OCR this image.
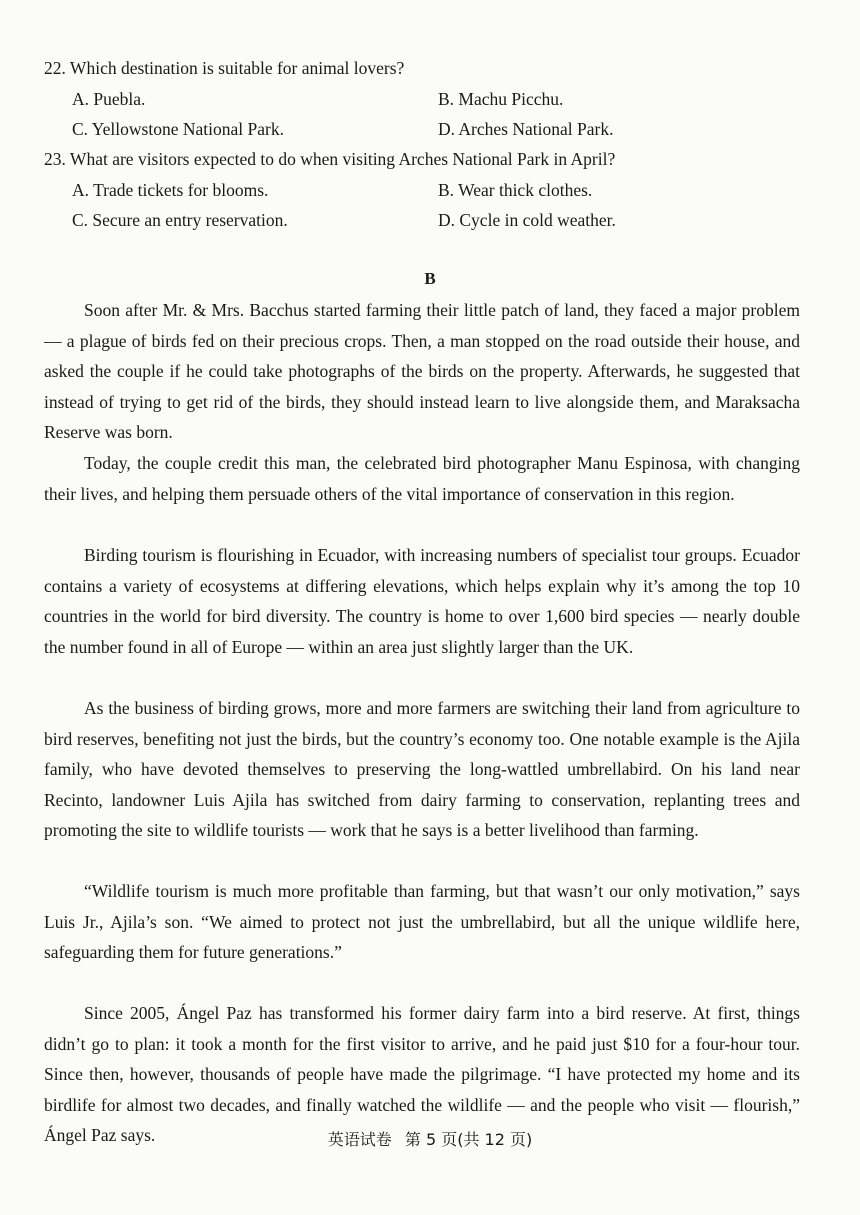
22. Which destination is suitable for animal lovers?
A. Puebla.	B. Machu Picchu.
C. Yellowstone National Park.	D. Arches National Park.
23. What are visitors expected to do when visiting Arches National Park in April?
A. Trade tickets for blooms.	B. Wear thick clothes.
C. Secure an entry reservation.	D. Cycle in cold weather.
B

Soon after Mr. & Mrs. Bacchus started farming their little patch of land, they faced a major problem — a plague of birds fed on their precious crops. Then, a man stopped on the road outside their house, and asked the couple if he could take photographs of the birds on the property. Afterwards, he suggested that instead of trying to get rid of the birds, they should instead learn to live alongside them, and Maraksacha Reserve was born.

Today, the couple credit this man, the celebrated bird photographer Manu Espinosa, with changing their lives, and helping them persuade others of the vital importance of conservation in this region.

Birding tourism is flourishing in Ecuador, with increasing numbers of specialist tour groups. Ecuador contains a variety of ecosystems at differing elevations, which helps explain why it’s among the top 10 countries in the world for bird diversity. The country is home to over 1,600 bird species — nearly double the number found in all of Europe — within an area just slightly larger than the UK.

As the business of birding grows, more and more farmers are switching their land from agriculture to bird reserves, benefiting not just the birds, but the country’s economy too. One notable example is the Ajila family, who have devoted themselves to preserving the long-wattled umbrellabird. On his land near Recinto, landowner Luis Ajila has switched from dairy farming to conservation, replanting trees and promoting the site to wildlife tourists — work that he says is a better livelihood than farming.

“Wildlife tourism is much more profitable than farming, but that wasn’t our only motivation,” says Luis Jr., Ajila’s son. “We aimed to protect not just the umbrellabird, but all the unique wildlife here, safeguarding them for future generations.”

Since 2005, Ángel Paz has transformed his former dairy farm into a bird reserve. At first, things didn’t go to plan: it took a month for the first visitor to arrive, and he paid just $10 for a four-hour tour. Since then, however, thousands of people have made the pilgrimage. “I have protected my home and its birdlife for almost two decades, and finally watched the wildlife — and the people who visit — flourish,” Ángel Paz says.	英语试卷 第 5 页(共 12 页)
